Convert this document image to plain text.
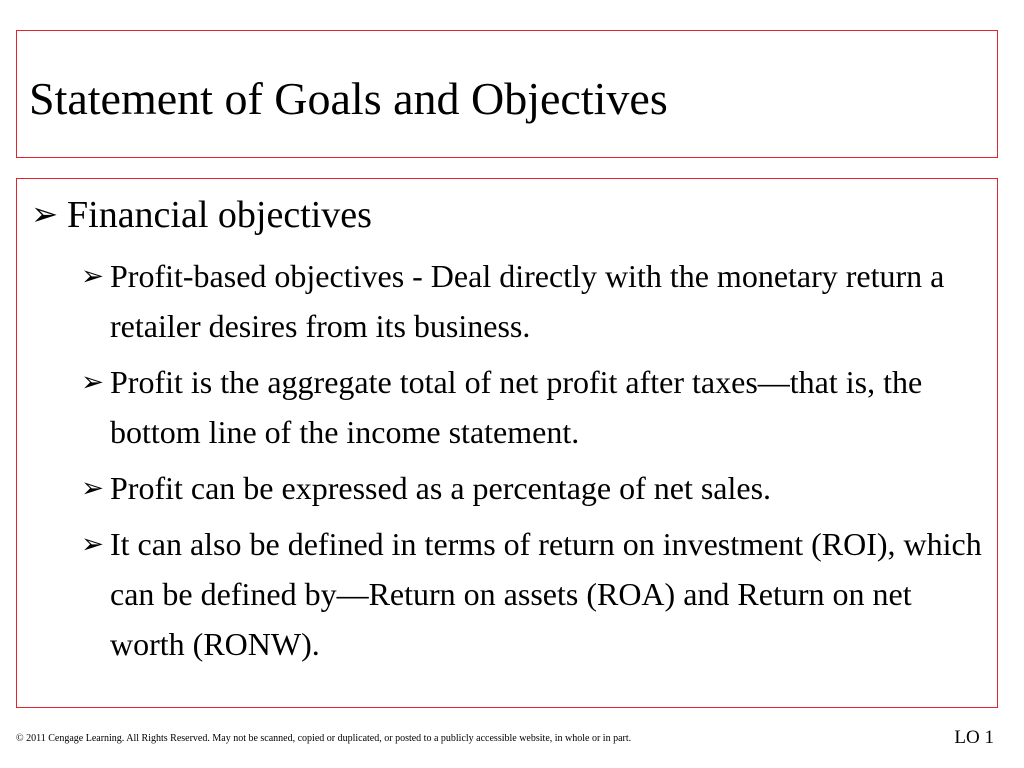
Statement of Goals and Objectives
➢ Financial objectives
➢ Profit-based objectives - Deal directly with the monetary return a retailer desires from its business.
➢ Profit is the aggregate total of net profit after taxes—that is, the bottom line of the income statement.
➢ Profit can be expressed as a percentage of net sales.
➢ It can also be defined in terms of return on investment (ROI), which can be defined by—Return on assets (ROA) and Return on net worth (RONW).
© 2011 Cengage Learning. All Rights Reserved. May not be scanned, copied or duplicated, or posted to a publicly accessible website, in whole or in part.	LO 1
